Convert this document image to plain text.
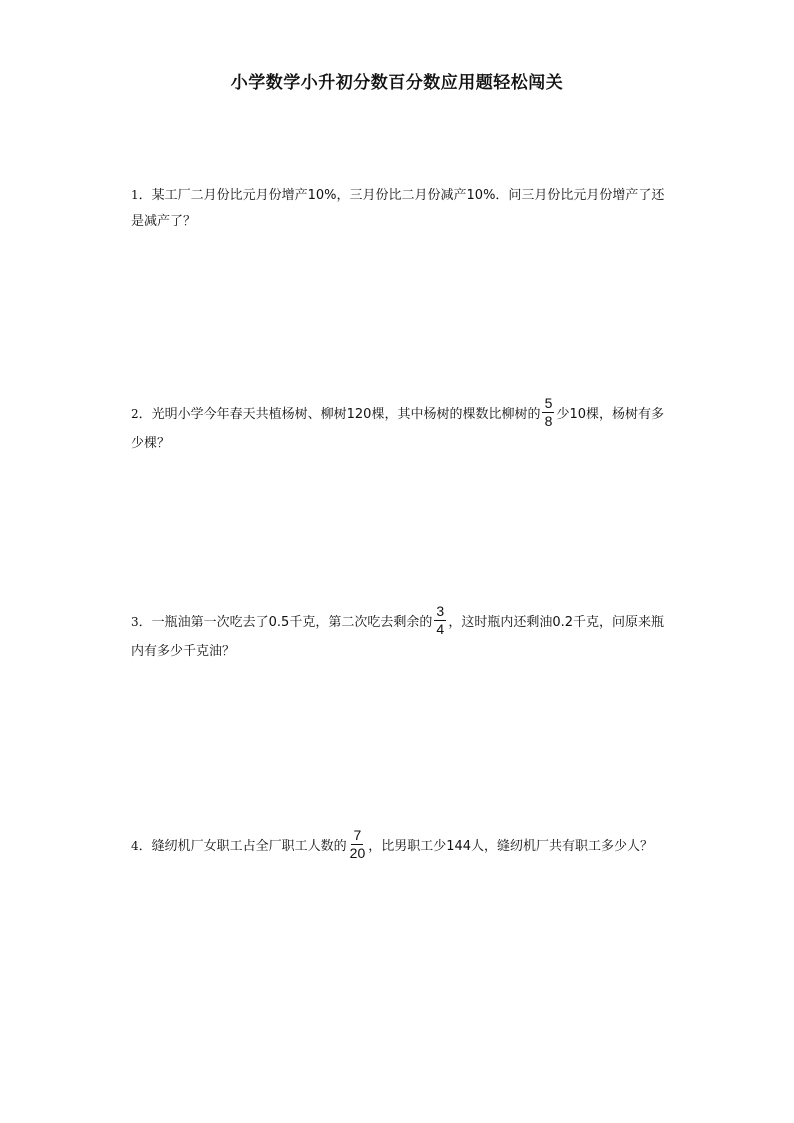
小学数学小升初分数百分数应用题轻松闯关
1．某工厂二月份比元月份增产10%，三月份比二月份减产10%．问三月份比元月份增产了还是减产了？
2．光明小学今年春天共植杨树、柳树120棵，其中杨树的棵数比柳树的 $\frac{5}{8}$ 少10棵，杨树有多少棵？
3．一瓶油第一次吃去了0.5千克，第二次吃去剩余的 $\frac{3}{4}$ ，这时瓶内还剩油0.2千克，问原来瓶内有多少千克油？
4．缝纫机厂女职工占全厂职工人数的 $\frac{7}{20}$ ，比男职工少144人，缝纫机厂共有职工多少人？
